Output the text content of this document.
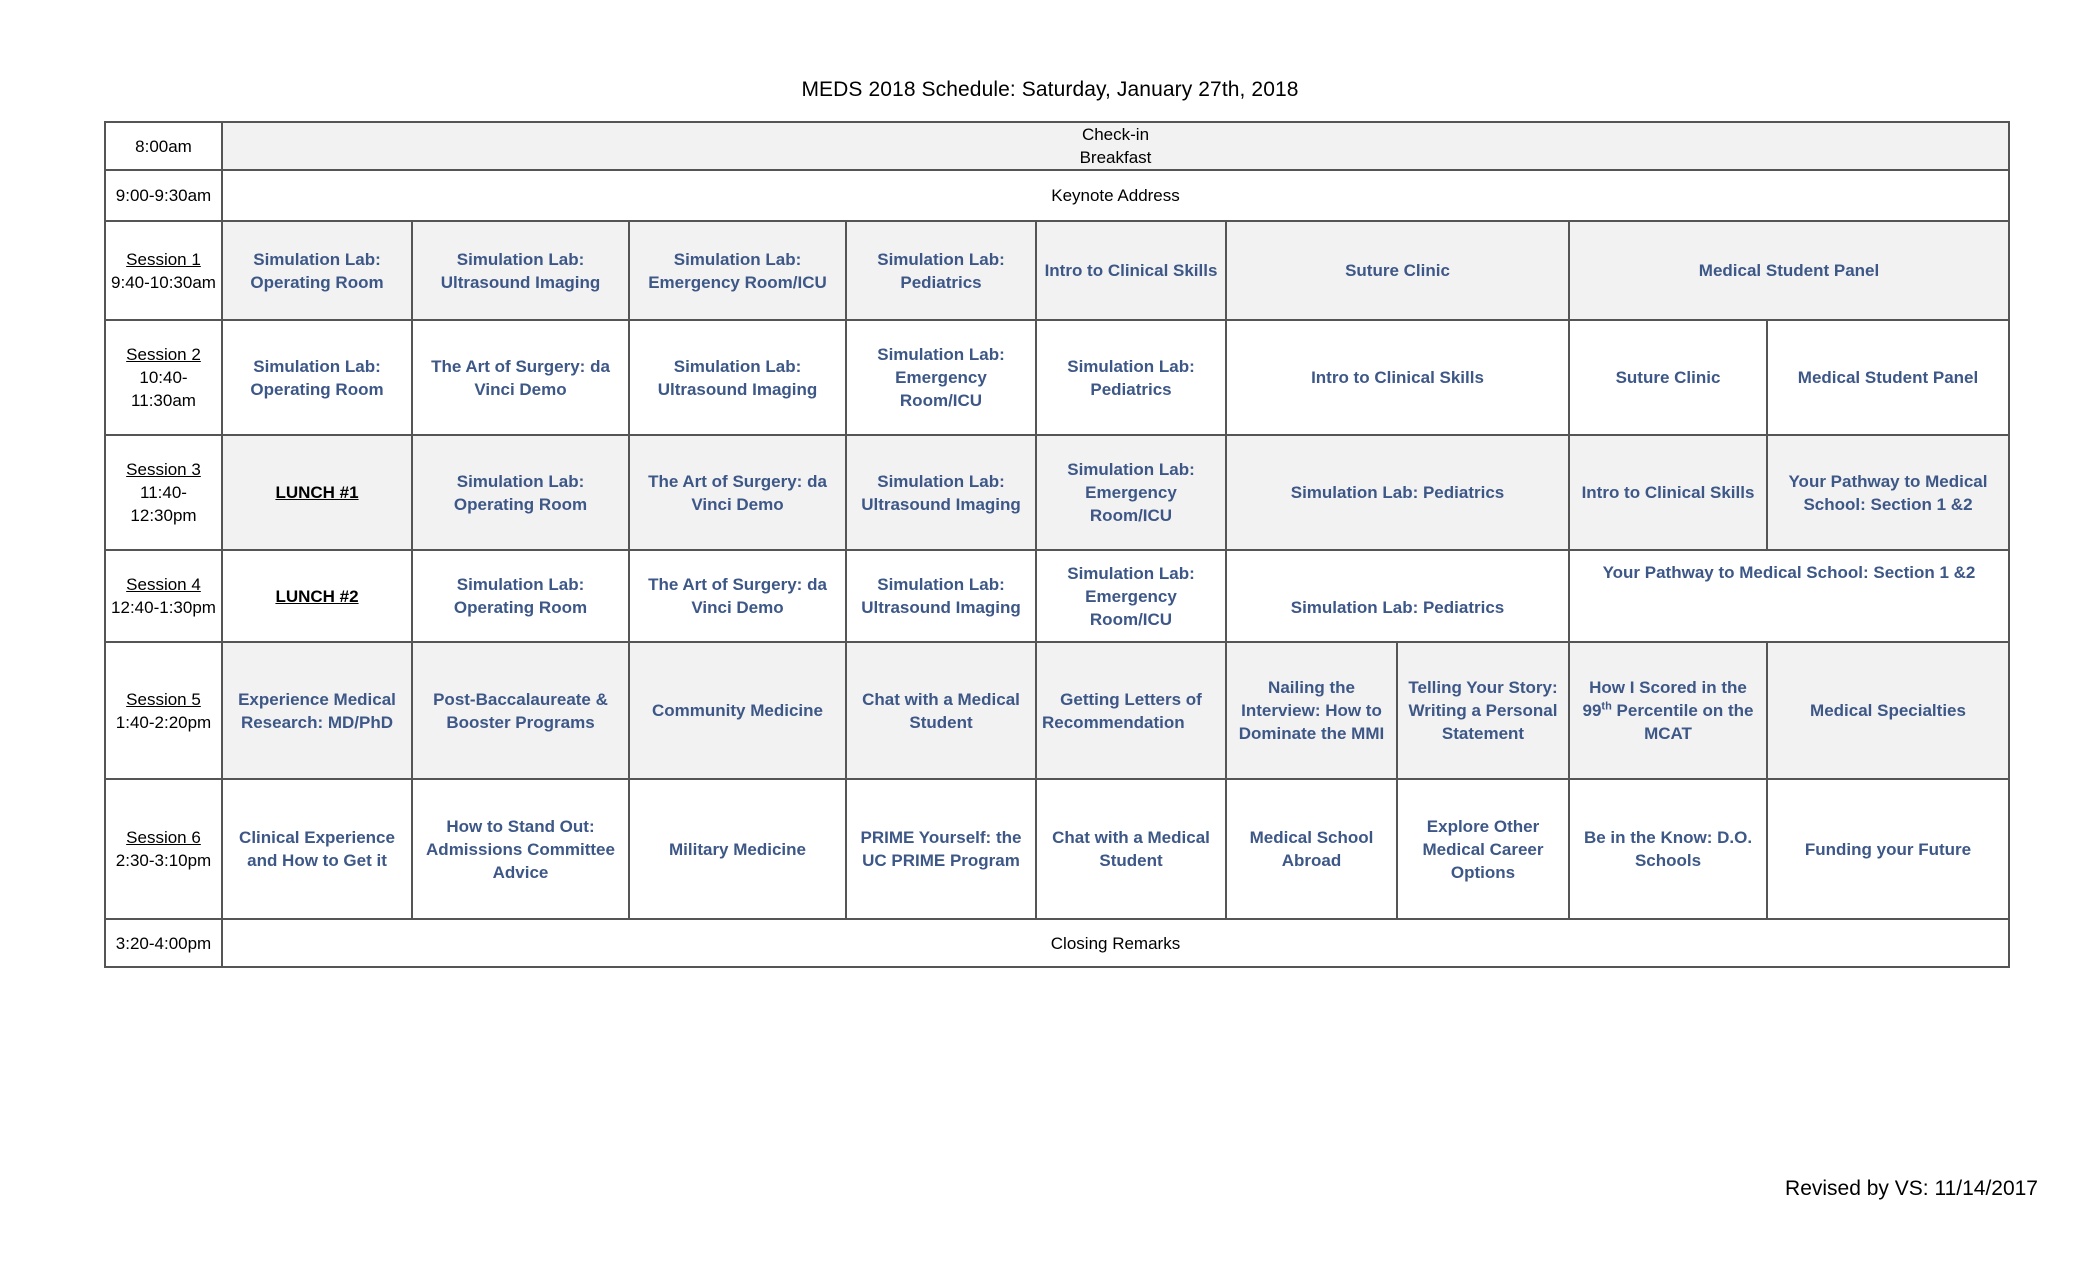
MEDS 2018 Schedule: Saturday, January 27th, 2018
8:00am	Check-in
Breakfast								

9:00-9:30am	Keynote Address								

Session 1
9:40-10:30am	Simulation Lab: Operating Room	Simulation Lab: Ultrasound Imaging	Simulation Lab: Emergency Room/ICU	Simulation Lab: Pediatrics	Intro to Clinical Skills	Suture Clinic		Medical Student Panel	

Session 2
10:40-11:30am	Simulation Lab: Operating Room	The Art of Surgery: da Vinci Demo	Simulation Lab: Ultrasound Imaging	Simulation Lab: Emergency Room/ICU	Simulation Lab: Pediatrics	Intro to Clinical Skills		Suture Clinic	Medical Student Panel

Session 3
11:40-12:30pm	LUNCH #1	Simulation Lab: Operating Room	The Art of Surgery: da Vinci Demo	Simulation Lab: Ultrasound Imaging	Simulation Lab: Emergency Room/ICU	Simulation Lab: Pediatrics		Intro to Clinical Skills	Your Pathway to Medical School: Section 1 &2

Session 4
12:40-1:30pm	LUNCH #2	Simulation Lab: Operating Room	The Art of Surgery: da Vinci Demo	Simulation Lab: Ultrasound Imaging	Simulation Lab: Emergency Room/ICU	Simulation Lab: Pediatrics		Your Pathway to Medical School: Section 1 &2	

Session 5
1:40-2:20pm	Experience Medical Research: MD/PhD	Post-Baccalaureate & Booster Programs	Community Medicine	Chat with a Medical Student	Getting Letters of Recommendation	Nailing the Interview: How to Dominate the MMI	Telling Your Story: Writing a Personal Statement	How I Scored in the 99th Percentile on the MCAT	Medical Specialties

Session 6
2:30-3:10pm	Clinical Experience and How to Get it	How to Stand Out: Admissions Committee Advice	Military Medicine	PRIME Yourself: the UC PRIME Program	Chat with a Medical Student	Medical School Abroad	Explore Other Medical Career Options	Be in the Know: D.O. Schools	Funding your Future

3:20-4:00pm	Closing Remarks								
Revised by VS: 11/14/2017
